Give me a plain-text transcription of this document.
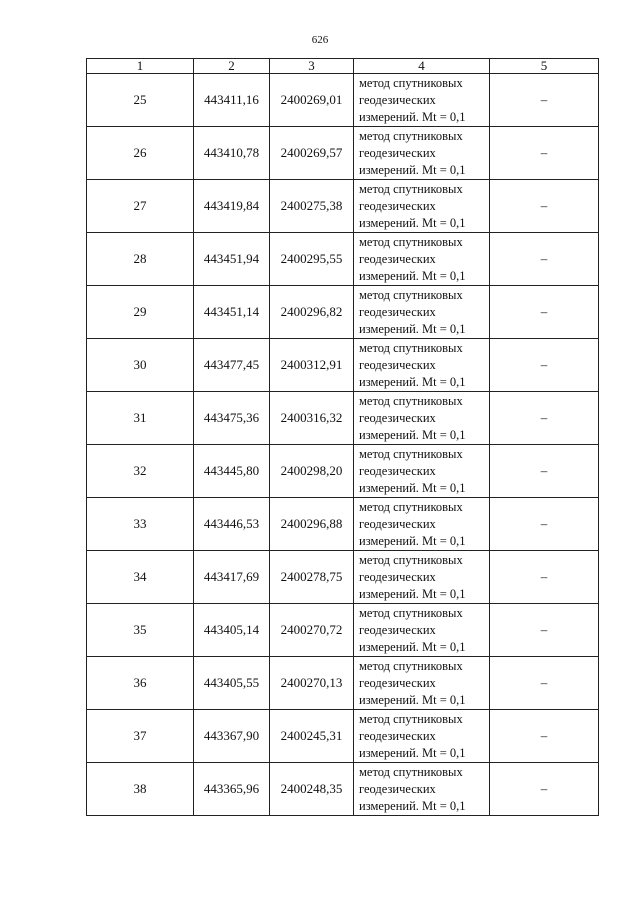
626
1	2	3	4	5
25	443411,16	2400269,01	метод спутниковых
геодезических
измерений. Mt = 0,1	–
26	443410,78	2400269,57	метод спутниковых
геодезических
измерений. Mt = 0,1	–
27	443419,84	2400275,38	метод спутниковых
геодезических
измерений. Mt = 0,1	–
28	443451,94	2400295,55	метод спутниковых
геодезических
измерений. Mt = 0,1	–
29	443451,14	2400296,82	метод спутниковых
геодезических
измерений. Mt = 0,1	–
30	443477,45	2400312,91	метод спутниковых
геодезических
измерений. Mt = 0,1	–
31	443475,36	2400316,32	метод спутниковых
геодезических
измерений. Mt = 0,1	–
32	443445,80	2400298,20	метод спутниковых
геодезических
измерений. Mt = 0,1	–
33	443446,53	2400296,88	метод спутниковых
геодезических
измерений. Mt = 0,1	–
34	443417,69	2400278,75	метод спутниковых
геодезических
измерений. Mt = 0,1	–
35	443405,14	2400270,72	метод спутниковых
геодезических
измерений. Mt = 0,1	–
36	443405,55	2400270,13	метод спутниковых
геодезических
измерений. Mt = 0,1	–
37	443367,90	2400245,31	метод спутниковых
геодезических
измерений. Mt = 0,1	–
38	443365,96	2400248,35	метод спутниковых
геодезических
измерений. Mt = 0,1	–
